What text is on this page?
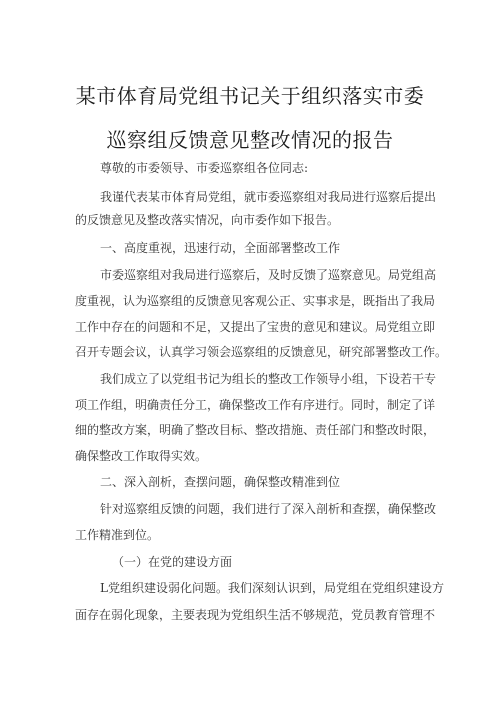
某市体育局党组书记关于组织落实市委
巡察组反馈意见整改情况的报告
尊敬的市委领导、市委巡察组各位同志:
我谨代表某市体育局党组，就市委巡察组对我局进行巡察后提出
的反馈意见及整改落实情况，向市委作如下报告。
一、高度重视，迅速行动，全面部署整改工作
市委巡察组对我局进行巡察后，及时反馈了巡察意见。局党组高
度重视，认为巡察组的反馈意见客观公正、实事求是，既指出了我局
工作中存在的问题和不足，又提出了宝贵的意见和建议。局党组立即
召开专题会议，认真学习领会巡察组的反馈意见，研究部署整改工作。
我们成立了以党组书记为组长的整改工作领导小组，下设若干专
项工作组，明确责任分工，确保整改工作有序进行。同时，制定了详
细的整改方案，明确了整改目标、整改措施、责任部门和整改时限，
确保整改工作取得实效。
二、深入剖析，查摆问题，确保整改精准到位
针对巡察组反馈的问题，我们进行了深入剖析和查摆，确保整改
工作精准到位。
（一）在党的建设方面
L党组织建设弱化问题。我们深刻认识到，局党组在党组织建设方
面存在弱化现象，主要表现为党组织生活不够规范，党员教育管理不
